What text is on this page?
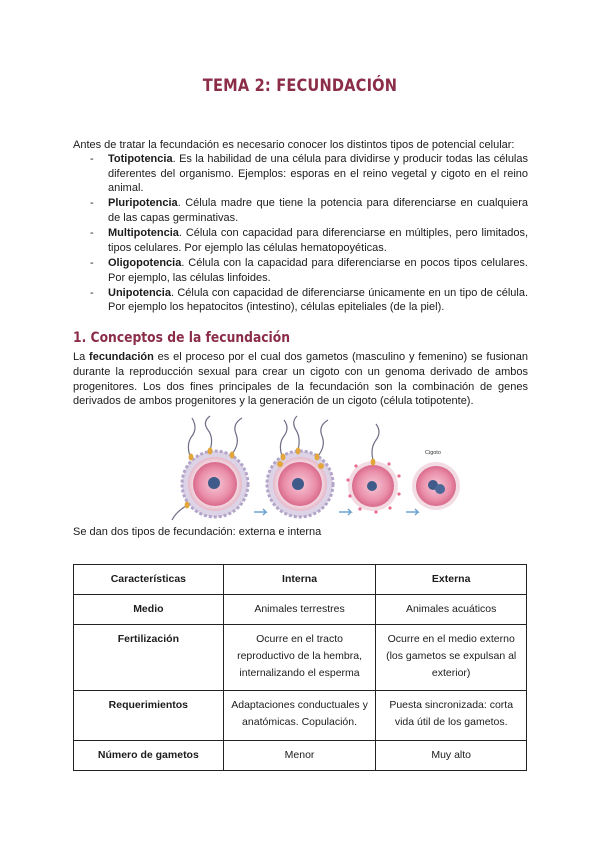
TEMA 2: FECUNDACIÓN
Antes de tratar la fecundación es necesario conocer los distintos tipos de potencial celular:
- Totipotencia. Es la habilidad de una célula para dividirse y producir todas las células diferentes del organismo. Ejemplos: esporas en el reino vegetal y cigoto en el reino animal.
- Pluripotencia. Célula madre que tiene la potencia para diferenciarse en cualquiera de las capas germinativas.
- Multipotencia. Célula con capacidad para diferenciarse en múltiples, pero limitados, tipos celulares. Por ejemplo las células hematopoyéticas.
- Oligopotencia. Célula con la capacidad para diferenciarse en pocos tipos celulares. Por ejemplo, las células linfoides.
- Unipotencia. Célula con capacidad de diferenciarse únicamente en un tipo de célula. Por ejemplo los hepatocitos (intestino), células epiteliales (de la piel).
1. Conceptos de la fecundación
La fecundación es el proceso por el cual dos gametos (masculino y femenino) se fusionan durante la reproducción sexual para crear un cigoto con un genoma derivado de ambos progenitores. Los dos fines principales de la fecundación son la combinación de genes derivados de ambos progenitores y la generación de un cigoto (célula totipotente).
Cigoto
Se dan dos tipos de fecundación: externa e interna
Características	Interna	Externa
Medio	Animales terrestres	Animales acuáticos
Fertilización	Ocurre en el tracto reproductivo de la hembra, internalizando el esperma	Ocurre en el medio externo (los gametos se expulsan al exterior)
Requerimientos	Adaptaciones conductuales y anatómicas. Copulación.	Puesta sincronizada: corta vida útil de los gametos.
Número de gametos	Menor	Muy alto
